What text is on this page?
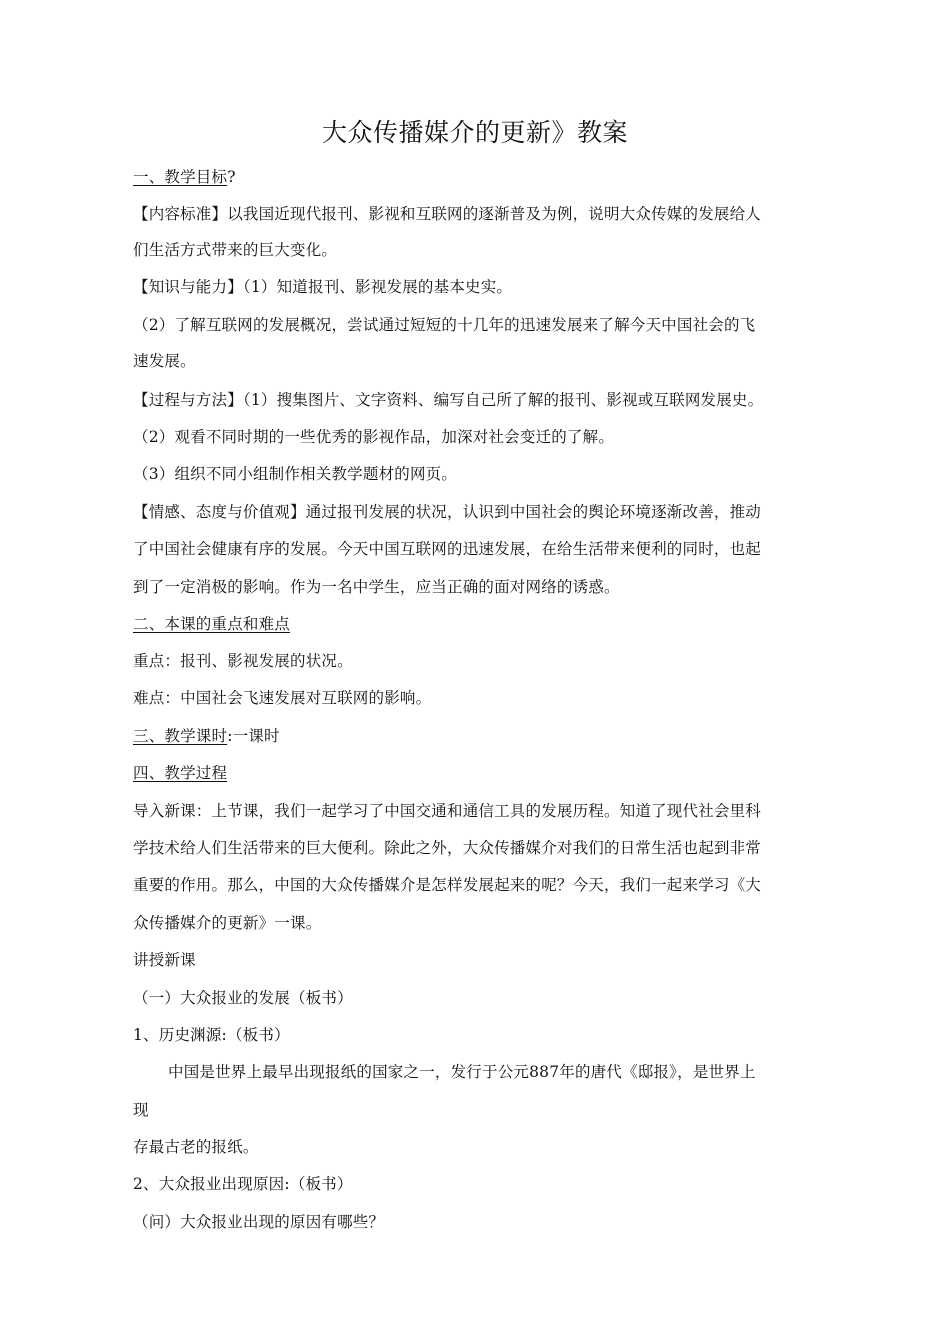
大众传播媒介的更新》教案
一、教学目标?
【内容标准】以我国近现代报刊、影视和互联网的逐渐普及为例，说明大众传媒的发展给人
们生活方式带来的巨大变化。
【知识与能力】（1）知道报刊、影视发展的基本史实。
（2）了解互联网的发展概况，尝试通过短短的十几年的迅速发展来了解今天中国社会的飞
速发展。
【过程与方法】（1）搜集图片、文字资料、编写自己所了解的报刊、影视或互联网发展史。
（2）观看不同时期的一些优秀的影视作品，加深对社会变迁的了解。
（3）组织不同小组制作相关教学题材的网页。
【情感、态度与价值观】通过报刊发展的状况，认识到中国社会的舆论环境逐渐改善，推动
了中国社会健康有序的发展。今天中国互联网的迅速发展，在给生活带来便利的同时，也起
到了一定消极的影响。作为一名中学生，应当正确的面对网络的诱惑。
二、本课的重点和难点
重点：报刊、影视发展的状况。
难点：中国社会飞速发展对互联网的影响。
三、教学课时:一课时
四、教学过程
导入新课：上节课，我们一起学习了中国交通和通信工具的发展历程。知道了现代社会里科
学技术给人们生活带来的巨大便利。除此之外，大众传播媒介对我们的日常生活也起到非常
重要的作用。那么，中国的大众传播媒介是怎样发展起来的呢？今天，我们一起来学习《大
众传播媒介的更新》一课。
讲授新课
（一）大众报业的发展（板书）
1、历史渊源:（板书）
中国是世界上最早出现报纸的国家之一，发行于公元887年的唐代《邸报》，是世界上
现
存最古老的报纸。
2、大众报业出现原因:（板书）
（问）大众报业出现的原因有哪些？
